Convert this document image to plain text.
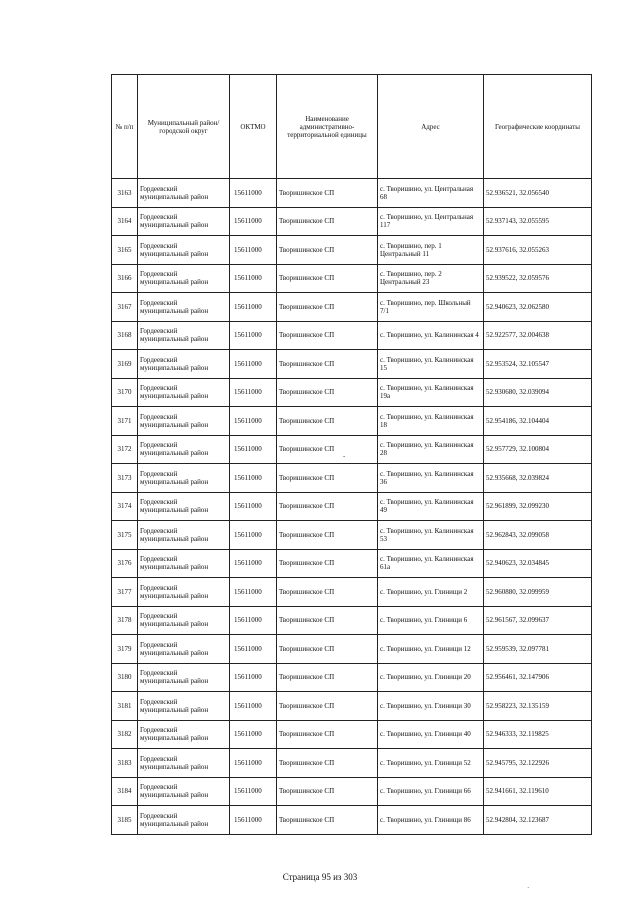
№ п/п	Муниципальный район/городской округ	ОКТМО	Наименование административно-территориальной единицы	Адрес	Географические координаты
3163	Гордеевский муниципальный район	15611000	Творишинское СП	с. Творишино, ул. Центральная 68	52.936521, 32.056540
3164	Гордеевский муниципальный район	15611000	Творишинское СП	с. Творишино, ул. Центральная 117	52.937143, 32.055595
3165	Гордеевский муниципальный район	15611000	Творишинское СП	с. Творишино, пер. 1 Центральный 11	52.937616, 32.055263
3166	Гордеевский муниципальный район	15611000	Творишинское СП	с. Творишино, пер. 2 Центральный 23	52.939522, 32.059576
3167	Гордеевский муниципальный район	15611000	Творишинское СП	с. Творишино, пер. Школьный 7/1	52.940623, 32.062580
3168	Гордеевский муниципальный район	15611000	Творишинское СП	с. Творишино, ул. Калининская 4	52.922577, 32.004638
3169	Гордеевский муниципальный район	15611000	Творишинское СП	с. Творишино, ул. Калининская 15	52.953524, 32.105547
3170	Гордеевский муниципальный район	15611000	Творишинское СП	с. Творишино, ул. Калининская 19а	52.930680, 32.039094
3171	Гордеевский муниципальный район	15611000	Творишинское СП	с. Творишино, ул. Калининская 18	52.954186, 32.104404
3172	Гордеевский муниципальный район	15611000	Творишинское СП	с. Творишино, ул. Калининская 28	52.957729, 32.100804
3173	Гордеевский муниципальный район	15611000	Творишинское СП	с. Творишино, ул. Калининская 36	52.935668, 32.039824
3174	Гордеевский муниципальный район	15611000	Творишинское СП	с. Творишино, ул. Калининская 49	52.961899, 32.099230
3175	Гордеевский муниципальный район	15611000	Творишинское СП	с. Творишино, ул. Калининская 53	52.962843, 32.099058
3176	Гордеевский муниципальный район	15611000	Творишинское СП	с. Творишино, ул. Калининская 61а	52.940623, 32.034845
3177	Гордеевский муниципальный район	15611000	Творишинское СП	с. Творишино, ул. Глинищи 2	52.960880, 32.099959
3178	Гордеевский муниципальный район	15611000	Творишинское СП	с. Творишино, ул. Глинищи 6	52.961567, 32.099637
3179	Гордеевский муниципальный район	15611000	Творишинское СП	с. Творишино, ул. Глинищи 12	52.959539, 32.097781
3180	Гордеевский муниципальный район	15611000	Творишинское СП	с. Творишино, ул. Глинищи 20	52.956461, 32.147906
3181	Гордеевский муниципальный район	15611000	Творишинское СП	с. Творишино, ул. Глинищи 30	52.958223, 32.135159
3182	Гордеевский муниципальный район	15611000	Творишинское СП	с. Творишино, ул. Глинищи 40	52.946333, 32.119825
3183	Гордеевский муниципальный район	15611000	Творишинское СП	с. Творишино, ул. Глинищи 52	52.945795, 32.122926
3184	Гордеевский муниципальный район	15611000	Творишинское СП	с. Творишино, ул. Глинищи 66	52.941661, 32.119610
3185	Гордеевский муниципальный район	15611000	Творишинское СП	с. Творишино, ул. Глинищи 86	52.942804, 32.123687
-
·
Страница 95 из 303
